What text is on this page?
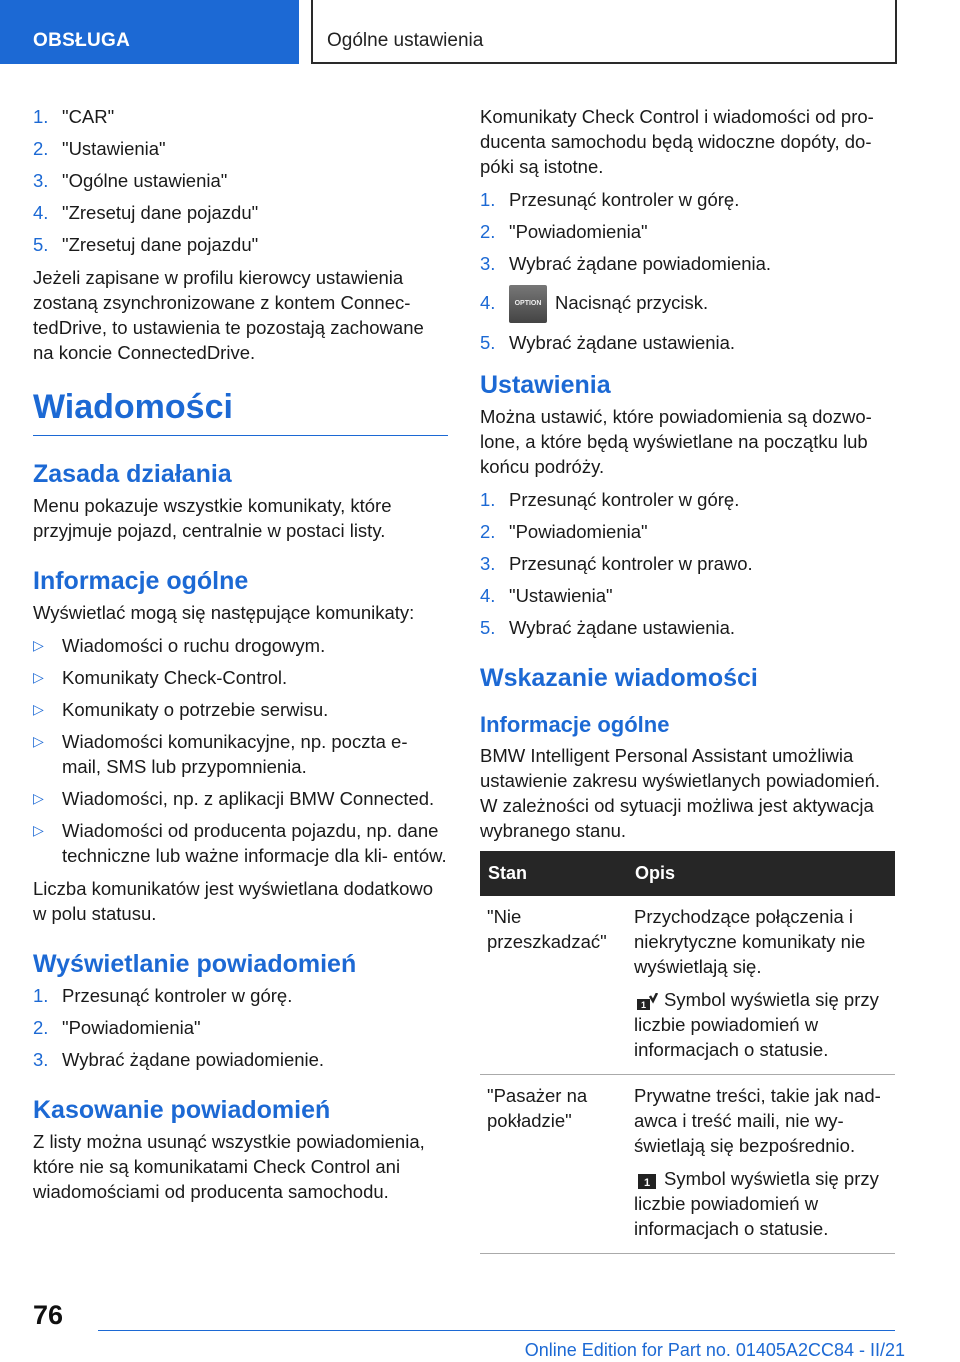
OBSŁUGA	Ogólne ustawienia
1. "CAR"
2. "Ustawienia"
3. "Ogólne ustawienia"
4. "Zresetuj dane pojazdu"
5. "Zresetuj dane pojazdu"

Jeżeli zapisane w profilu kierowcy ustawienia zostaną zsynchronizowane z kontem Connec- tedDrive, to ustawienia te pozostają zachowane na koncie ConnectedDrive.

Wiadomości
Zasada działania

Menu pokazuje wszystkie komunikaty, które przyjmuje pojazd, centralnie w postaci listy.

Informacje ogólne

Wyświetlać mogą się następujące komunikaty:

▷ Wiadomości o ruchu drogowym.
▷ Komunikaty Check-Control.
▷ Komunikaty o potrzebie serwisu.
▷ Wiadomości komunikacyjne, np. poczta e- mail, SMS lub przypomnienia.
▷ Wiadomości, np. z aplikacji BMW Connected.
▷ Wiadomości od producenta pojazdu, np. dane techniczne lub ważne informacje dla kli- entów.

Liczba komunikatów jest wyświetlana dodatkowo w polu statusu.

Wyświetlanie powiadomień
1. Przesunąć kontroler w górę.
2. "Powiadomienia"
3. Wybrać żądane powiadomienie.
Kasowanie powiadomień

Z listy można usunąć wszystkie powiadomienia, które nie są komunikatami Check Control ani wiadomościami od producenta samochodu.

Komunikaty Check Control i wiadomości od pro- ducenta samochodu będą widoczne dopóty, do- póki są istotne.

1. Przesunąć kontroler w górę.
2. "Powiadomienia"
3. Wybrać żądane powiadomienia.
4.	OPTION Nacisnąć przycisk.
5. Wybrać żądane ustawienia.
Ustawienia

Można ustawić, które powiadomienia są dozwo- lone, a które będą wyświetlane na początku lub końcu podróży.

1. Przesunąć kontroler w górę.
2. "Powiadomienia"
3. Przesunąć kontroler w prawo.
4. "Ustawienia"
5. Wybrać żądane ustawienia.
Wskazanie wiadomości
Informacje ogólne

BMW Intelligent Personal Assistant umożliwia ustawienie zakresu wyświetlanych powiadomień. W zależności od sytuacji możliwa jest aktywacja wybranego stanu.

Stan	Opis
"Nie przeszkadzać"	Przychodzące połączenia i niekrytyczne komunikaty nie wyświetlają się.

1 Symbol wyświetla się przy liczbie powiadomień w informacjach o statusie.

"Pasażer na pokładzie"	Prywatne treści, takie jak nad- awca i treść maili, nie wy- świetlają się bezpośrednio.

1 Symbol wyświetla się przy liczbie powiadomień w informacjach o statusie.

76
Online Edition for Part no. 01405A2CC84 - II/21
